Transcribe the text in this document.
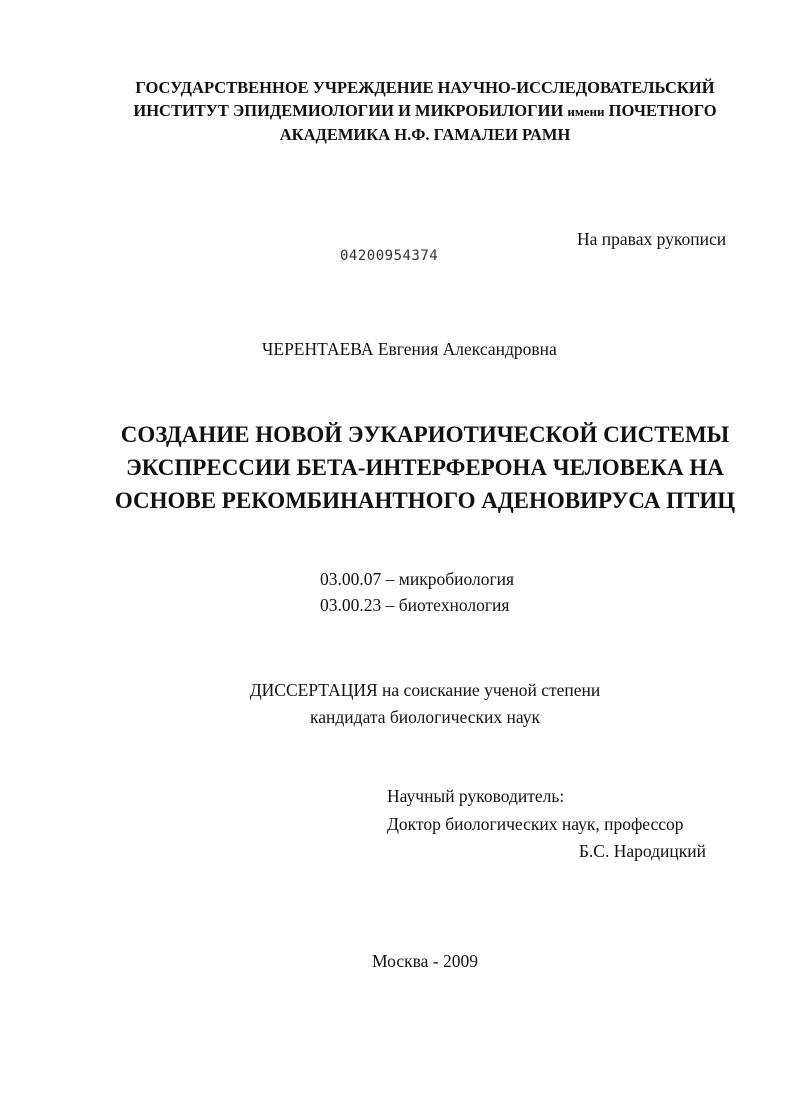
ГОСУДАРСТВЕННОЕ УЧРЕЖДЕНИЕ НАУЧНО-ИССЛЕДОВАТЕЛЬСКИЙ
ИНСТИТУТ ЭПИДЕМИОЛОГИИ И МИКРОБИЛОГИИ имени ПОЧЕТНОГО
АКАДЕМИКА Н.Ф. ГАМАЛЕИ РАМН
На правах рукописи
04200954374
ЧЕРЕНТАЕВА Евгения Александровна
СОЗДАНИЕ НОВОЙ ЭУКАРИОТИЧЕСКОЙ СИСТЕМЫ
ЭКСПРЕССИИ БЕТА-ИНТЕРФЕРОНА ЧЕЛОВЕКА НА
ОСНОВЕ РЕКОМБИНАНТНОГО АДЕНОВИРУСА ПТИЦ
03.00.07 – микробиология
03.00.23 – биотехнология
ДИССЕРТАЦИЯ на соискание ученой степени
кандидата биологических наук
Научный руководитель:
Доктор биологических наук, профессор
Б.С. Народицкий
Москва - 2009
